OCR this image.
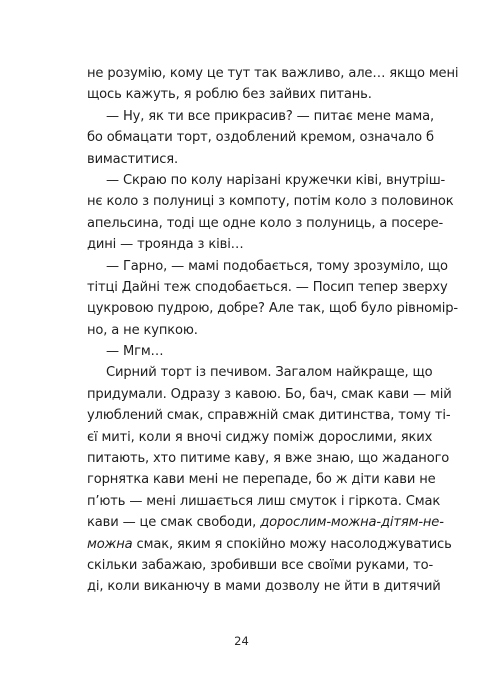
не розумію, кому це тут так важливо, але… якщо мені
щось кажуть, я роблю без зайвих питань.
— Ну, як ти все прикрасив? — питає мене мама,
бо обмацати торт, оздоблений кремом, означало б
вимаститися.
— Скраю по колу нарізані кружечки ківі, внутріш-
нє коло з полуниці з компоту, потім коло з половинок
апельсина, тоді ще одне коло з полуниць, а посере-
дині — троянда з ківі…
— Гарно, — мамі подобається, тому зрозуміло, що
тітці Дайні теж сподобається. — Посип тепер зверху
цукровою пудрою, добре? Але так, щоб було рівномір-
но, а не купкою.
— Мгм…
Сирний торт із печивом. Загалом найкраще, що
придумали. Одразу з кавою. Бо, бач, смак кави — мій
улюблений смак, справжній смак дитинства, тому ті-
єї миті, коли я вночі сиджу поміж дорослими, яких
питають, хто питиме каву, я вже знаю, що жаданого
горнятка кави мені не перепаде, бо ж діти кави не
п’ють — мені лишається лиш смуток і гіркота. Смак
кави — це смак свободи, дорослим-можна-дітям-не-
можна смак, яким я спокійно можу насолоджуватись
скільки забажаю, зробивши все своїми руками, то-
ді, коли виканючу в мами дозволу не йти в дитячий
24
